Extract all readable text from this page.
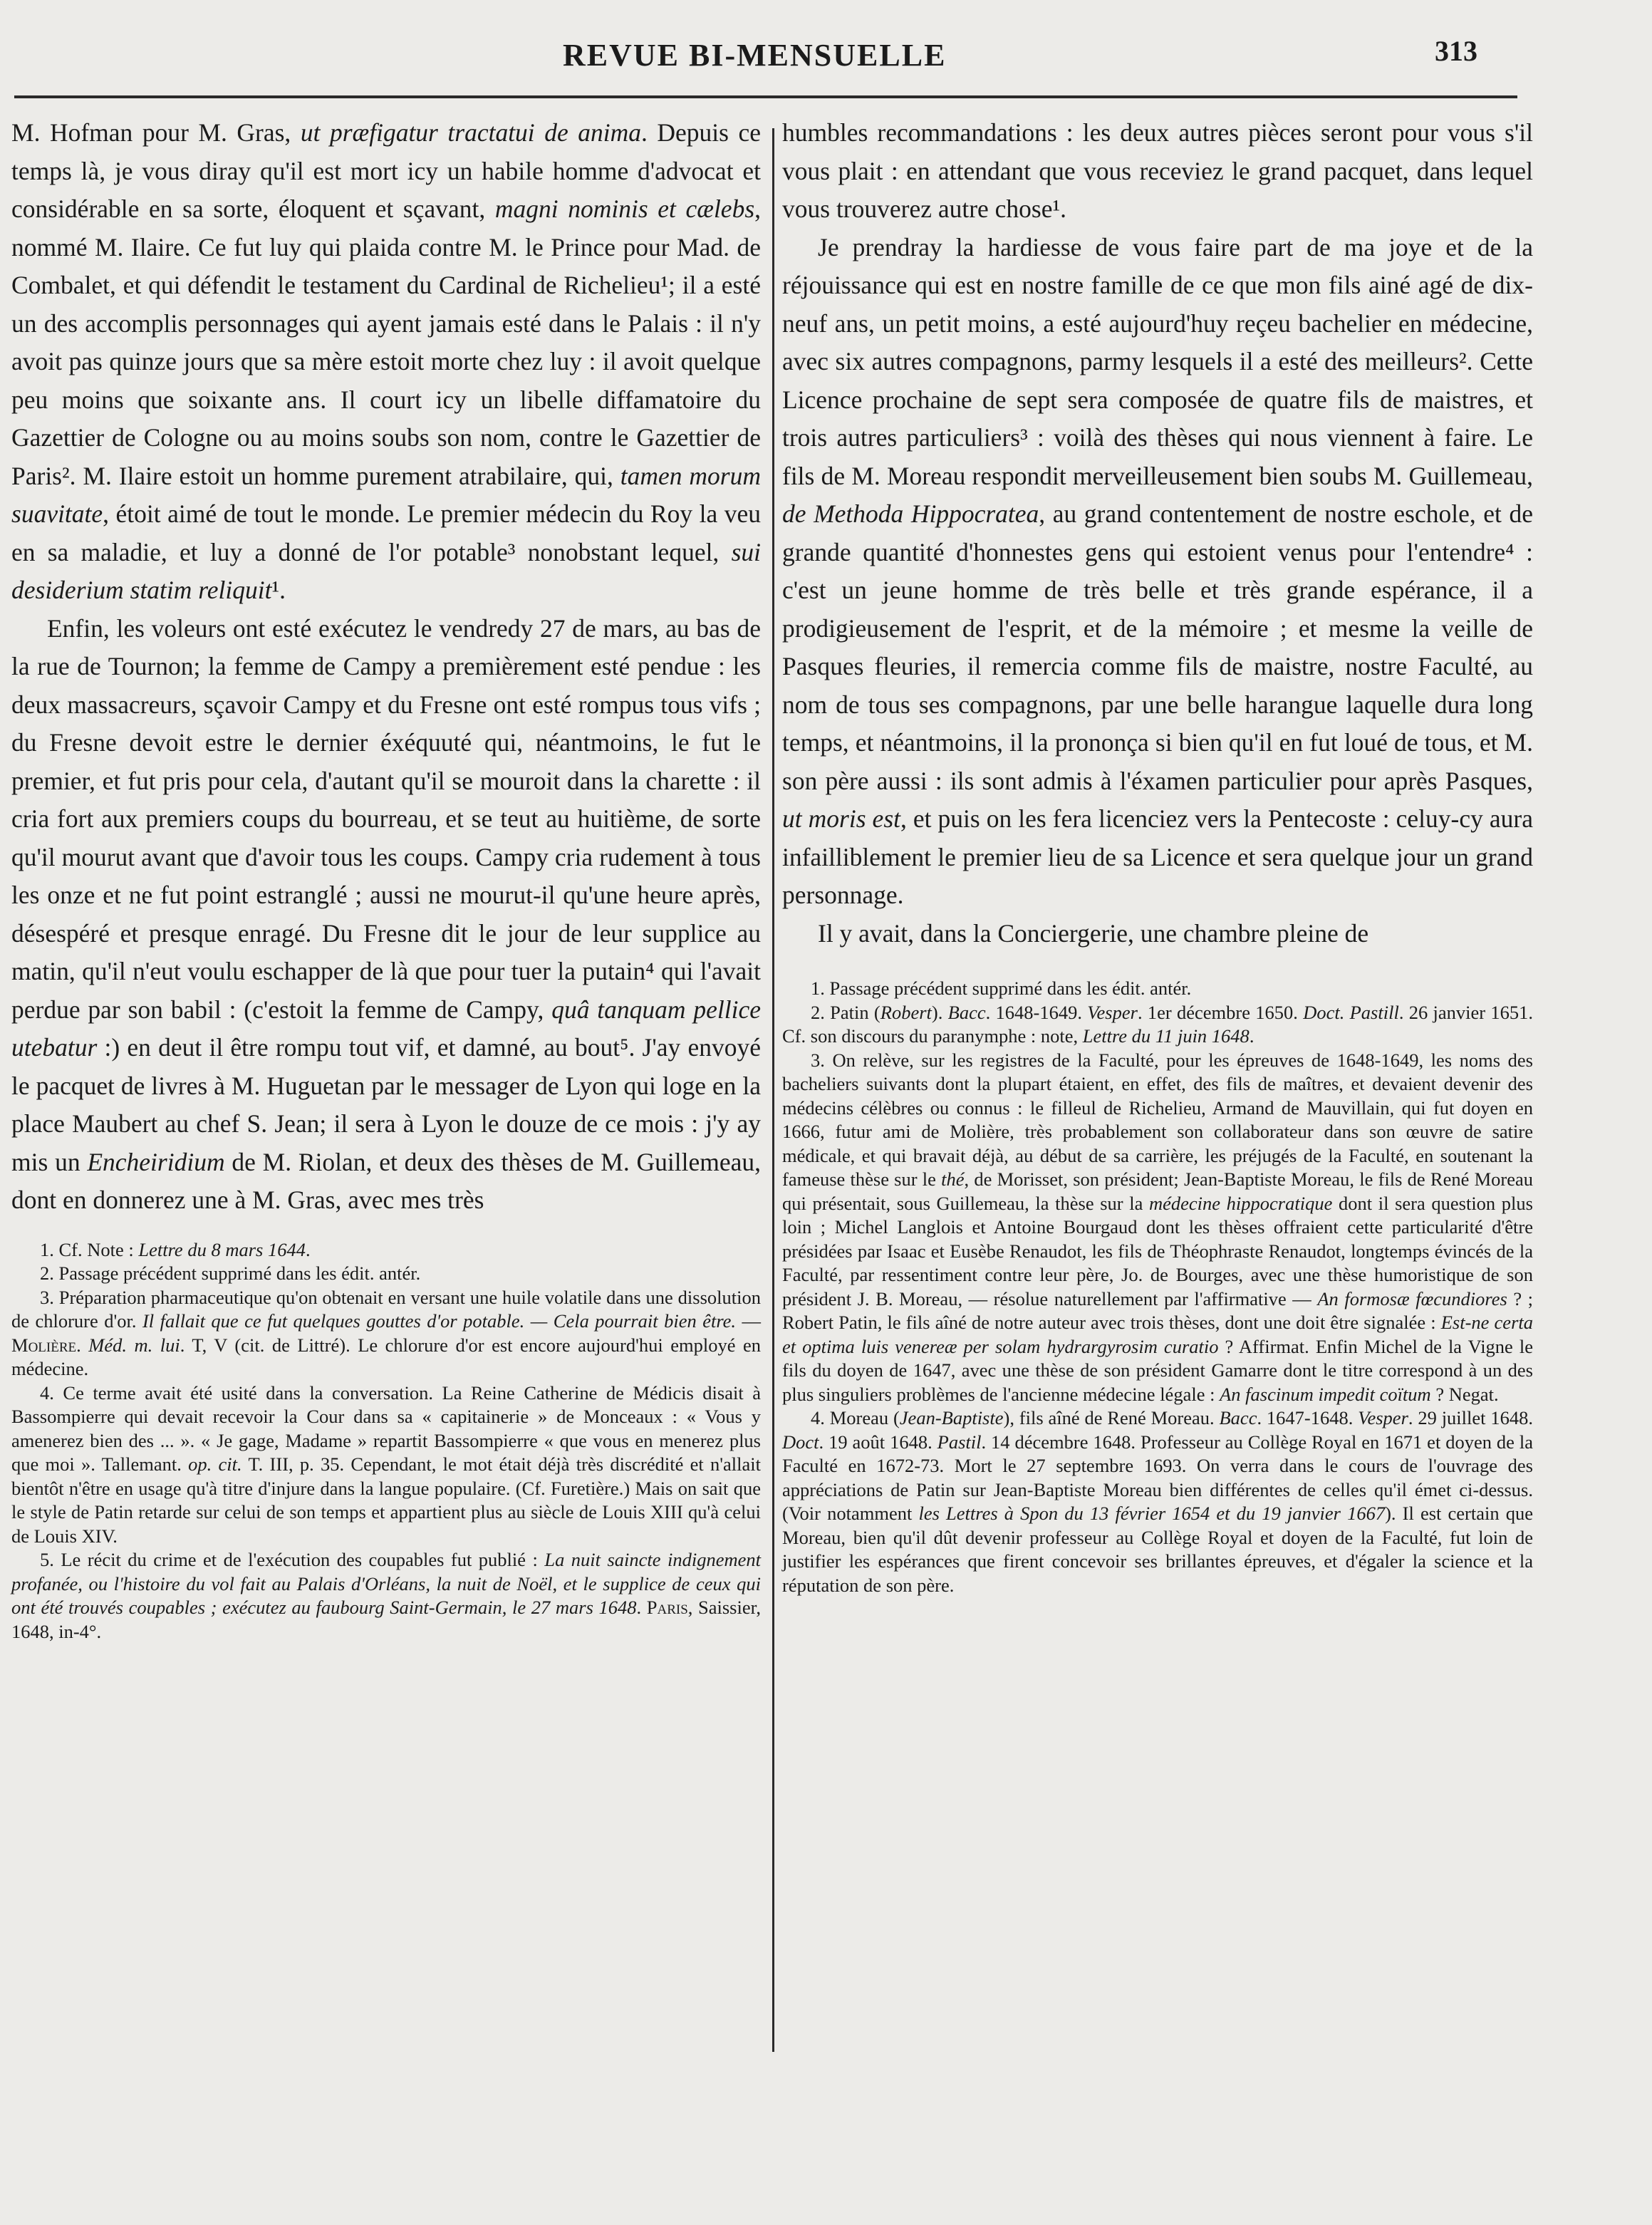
REVUE BI-MENSUELLE	313

M. Hofman pour M. Gras, ut præfigatur tractatui de anima. Depuis ce temps là, je vous diray qu'il est mort icy un habile homme d'advocat et considérable en sa sorte, éloquent et sçavant, magni nominis et cælebs, nommé M. Ilaire. Ce fut luy qui plaida contre M. le Prince pour Mad. de Combalet, et qui défendit le testament du Cardinal de Richelieu¹; il a esté un des accomplis personnages qui ayent jamais esté dans le Palais : il n'y avoit pas quinze jours que sa mère estoit morte chez luy : il avoit quelque peu moins que soixante ans. Il court icy un libelle diffamatoire du Gazettier de Cologne ou au moins soubs son nom, contre le Gazettier de Paris². M. Ilaire estoit un homme purement atrabilaire, qui, tamen morum suavitate, étoit aimé de tout le monde. Le premier médecin du Roy la veu en sa maladie, et luy a donné de l'or potable³ nonobstant lequel, sui desiderium statim reliquit¹.

Enfin, les voleurs ont esté exécutez le vendredy 27 de mars, au bas de la rue de Tournon; la femme de Campy a premièrement esté pendue : les deux massacreurs, sçavoir Campy et du Fresne ont esté rompus tous vifs ; du Fresne devoit estre le dernier éxéquuté qui, néantmoins, le fut le premier, et fut pris pour cela, d'autant qu'il se mouroit dans la charette : il cria fort aux premiers coups du bourreau, et se teut au huitième, de sorte qu'il mourut avant que d'avoir tous les coups. Campy cria rudement à tous les onze et ne fut point estranglé ; aussi ne mourut-il qu'une heure après, désespéré et presque enragé. Du Fresne dit le jour de leur supplice au matin, qu'il n'eut voulu eschapper de là que pour tuer la putain⁴ qui l'avait perdue par son babil : (c'estoit la femme de Campy, quâ tanquam pellice utebatur :) en deut il être rompu tout vif, et damné, au bout⁵. J'ay envoyé le pacquet de livres à M. Huguetan par le messager de Lyon qui loge en la place Maubert au chef S. Jean; il sera à Lyon le douze de ce mois : j'y ay mis un Encheiridium de M. Riolan, et deux des thèses de M. Guillemeau, dont en donnerez une à M. Gras, avec mes très

1. Cf. Note : Lettre du 8 mars 1644.

2. Passage précédent supprimé dans les édit. antér.

3. Préparation pharmaceutique qu'on obtenait en versant une huile volatile dans une dissolution de chlorure d'or. Il fallait que ce fut quelques gouttes d'or potable. — Cela pourrait bien être. — Molière. Méd. m. lui. T, V (cit. de Littré). Le chlorure d'or est encore aujourd'hui employé en médecine.

4. Ce terme avait été usité dans la conversation. La Reine Catherine de Médicis disait à Bassompierre qui devait recevoir la Cour dans sa « capitainerie » de Monceaux : « Vous y amenerez bien des ... ». « Je gage, Madame » repartit Bassompierre « que vous en menerez plus que moi ». Tallemant. op. cit. T. III, p. 35. Cependant, le mot était déjà très discrédité et n'allait bientôt n'être en usage qu'à titre d'injure dans la langue populaire. (Cf. Furetière.) Mais on sait que le style de Patin retarde sur celui de son temps et appartient plus au siècle de Louis XIII qu'à celui de Louis XIV.

5. Le récit du crime et de l'exécution des coupables fut publié : La nuit saincte indignement profanée, ou l'histoire du vol fait au Palais d'Orléans, la nuit de Noël, et le supplice de ceux qui ont été trouvés coupables ; exécutez au faubourg Saint-Germain, le 27 mars 1648. Paris, Saissier, 1648, in-4°.

humbles recommandations : les deux autres pièces seront pour vous s'il vous plait : en attendant que vous receviez le grand pacquet, dans lequel vous trouverez autre chose¹.

Je prendray la hardiesse de vous faire part de ma joye et de la réjouissance qui est en nostre famille de ce que mon fils ainé agé de dix-neuf ans, un petit moins, a esté aujourd'huy reçeu bachelier en médecine, avec six autres compagnons, parmy lesquels il a esté des meilleurs². Cette Licence prochaine de sept sera composée de quatre fils de maistres, et trois autres particuliers³ : voilà des thèses qui nous viennent à faire. Le fils de M. Moreau respondit merveilleusement bien soubs M. Guillemeau, de Methoda Hippocratea, au grand contentement de nostre eschole, et de grande quantité d'honnestes gens qui estoient venus pour l'entendre⁴ : c'est un jeune homme de très belle et très grande espérance, il a prodigieusement de l'esprit, et de la mémoire ; et mesme la veille de Pasques fleuries, il remercia comme fils de maistre, nostre Faculté, au nom de tous ses compagnons, par une belle harangue laquelle dura long temps, et néantmoins, il la prononça si bien qu'il en fut loué de tous, et M. son père aussi : ils sont admis à l'éxamen particulier pour après Pasques, ut moris est, et puis on les fera licenciez vers la Pentecoste : celuy-cy aura infailliblement le premier lieu de sa Licence et sera quelque jour un grand personnage.

Il y avait, dans la Conciergerie, une chambre pleine de

1. Passage précédent supprimé dans les édit. antér.

2. Patin (Robert). Bacc. 1648-1649. Vesper. 1er décembre 1650. Doct. Pastill. 26 janvier 1651. Cf. son discours du paranymphe : note, Lettre du 11 juin 1648.

3. On relève, sur les registres de la Faculté, pour les épreuves de 1648-1649, les noms des bacheliers suivants dont la plupart étaient, en effet, des fils de maîtres, et devaient devenir des médecins célèbres ou connus : le filleul de Richelieu, Armand de Mauvillain, qui fut doyen en 1666, futur ami de Molière, très probablement son collaborateur dans son œuvre de satire médicale, et qui bravait déjà, au début de sa carrière, les préjugés de la Faculté, en soutenant la fameuse thèse sur le thé, de Morisset, son président; Jean-Baptiste Moreau, le fils de René Moreau qui présentait, sous Guillemeau, la thèse sur la médecine hippocratique dont il sera question plus loin ; Michel Langlois et Antoine Bourgaud dont les thèses offraient cette particularité d'être présidées par Isaac et Eusèbe Renaudot, les fils de Théophraste Renaudot, longtemps évincés de la Faculté, par ressentiment contre leur père, Jo. de Bourges, avec une thèse humoristique de son président J. B. Moreau, — résolue naturellement par l'affirmative — An formosæ fœcundiores ? ; Robert Patin, le fils aîné de notre auteur avec trois thèses, dont une doit être signalée : Est-ne certa et optima luis venereæ per solam hydrargyrosim curatio ? Affirmat. Enfin Michel de la Vigne le fils du doyen de 1647, avec une thèse de son président Gamarre dont le titre correspond à un des plus singuliers problèmes de l'ancienne médecine légale : An fascinum impedit coïtum ? Negat.

4. Moreau (Jean-Baptiste), fils aîné de René Moreau. Bacc. 1647-1648. Vesper. 29 juillet 1648. Doct. 19 août 1648. Pastil. 14 décembre 1648. Professeur au Collège Royal en 1671 et doyen de la Faculté en 1672-73. Mort le 27 septembre 1693. On verra dans le cours de l'ouvrage des appréciations de Patin sur Jean-Baptiste Moreau bien différentes de celles qu'il émet ci-dessus. (Voir notamment les Lettres à Spon du 13 février 1654 et du 19 janvier 1667). Il est certain que Moreau, bien qu'il dût devenir professeur au Collège Royal et doyen de la Faculté, fut loin de justifier les espérances que firent concevoir ses brillantes épreuves, et d'égaler la science et la réputation de son père.
